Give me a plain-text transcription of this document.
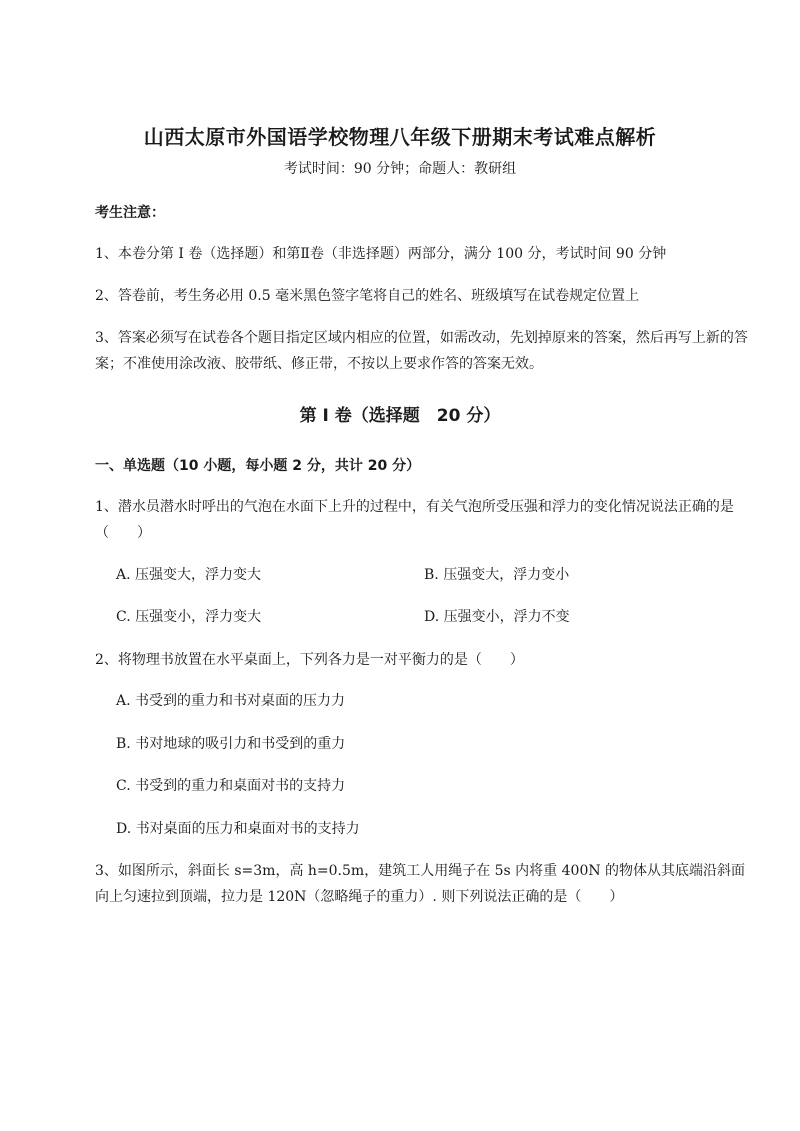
山西太原市外国语学校物理八年级下册期末考试难点解析
考试时间：90 分钟；命题人：教研组
考生注意：
1、本卷分第 I 卷（选择题）和第Ⅱ卷（非选择题）两部分，满分 100 分，考试时间 90 分钟
2、答卷前，考生务必用 0.5 毫米黑色签字笔将自己的姓名、班级填写在试卷规定位置上
3、答案必须写在试卷各个题目指定区域内相应的位置，如需改动，先划掉原来的答案，然后再写上新的答案；不准使用涂改液、胶带纸、修正带，不按以上要求作答的答案无效。
第 I 卷（选择题　20 分）
一、单选题（10 小题，每小题 2 分，共计 20 分）
1、潜水员潜水时呼出的气泡在水面下上升的过程中，有关气泡所受压强和浮力的变化情况说法正确的是（　　）
A. 压强变大，浮力变大	B. 压强变大，浮力变小
C. 压强变小，浮力变大	D. 压强变小，浮力不变
2、将物理书放置在水平桌面上，下列各力是一对平衡力的是（　　）
A. 书受到的重力和书对桌面的压力力
B. 书对地球的吸引力和书受到的重力
C. 书受到的重力和桌面对书的支持力
D. 书对桌面的压力和桌面对书的支持力
3、如图所示，斜面长 s=3m，高 h=0.5m，建筑工人用绳子在 5s 内将重 400N 的物体从其底端沿斜面向上匀速拉到顶端，拉力是 120N（忽略绳子的重力）. 则下列说法正确的是（　　）
